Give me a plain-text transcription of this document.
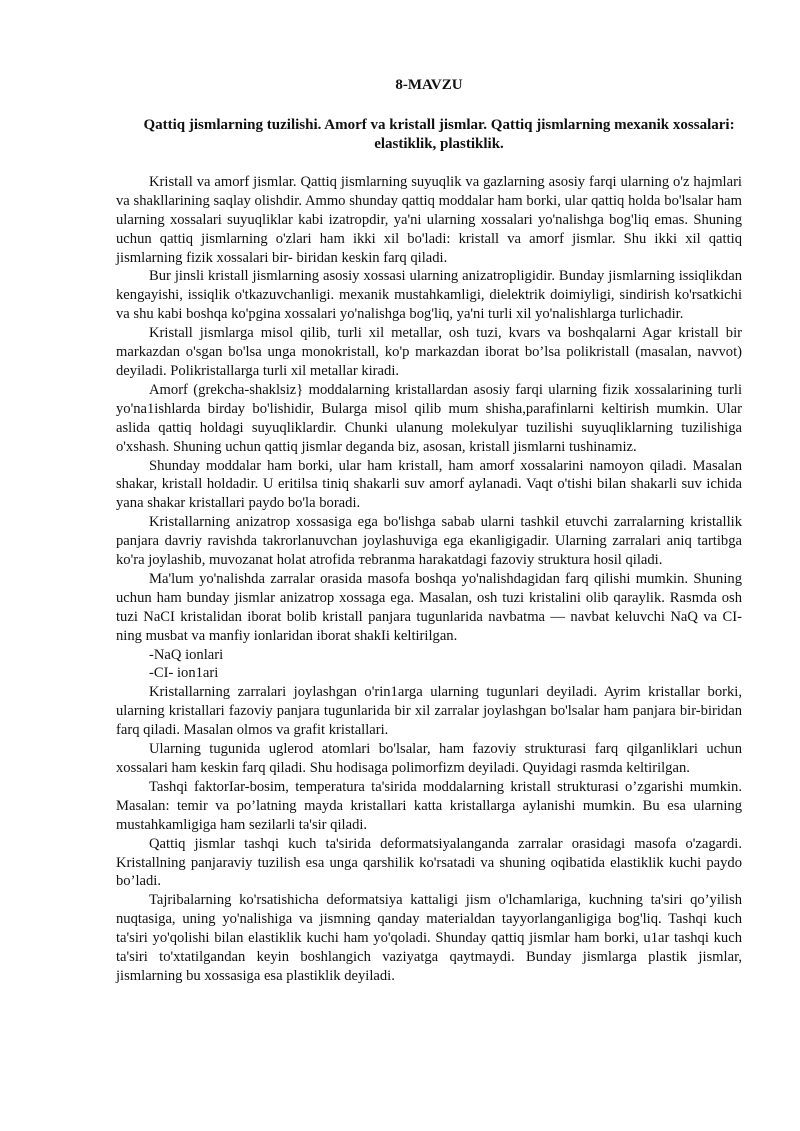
8-MAVZU

Qattiq jismlarning tuzilishi. Amorf va kristall jismlar. Qattiq jismlarning mexanik xossalari: elastiklik, plastiklik.

Kristall va amorf jismlar. Qattiq jismlarning suyuqlik va gazlarning asosiy farqi ularning o'z hajmlari va shakllarining saqlay olishdir. Ammo shunday qattiq moddalar ham borki, ular qattiq holda bo'lsalar ham ularning xossalari suyuqliklar kabi izatropdir, ya'ni ularning xossalari yo'nalishga bog'liq emas. Shuning uchun qattiq jismlarning o'zlari ham ikki xil bo'ladi: kristall va amorf jismlar. Shu ikki xil qattiq jismlarning fizik xossalari bir- biridan keskin farq qiladi.

Bur jinsli kristall jismlarning asosiy xossasi ularning anizatropligidir. Bunday jismlarning issiqlikdan kengayishi, issiqlik o'tkazuvchanligi. mexanik mustahkamligi, dielektrik doimiyligi, sindirish ko'rsatkichi va shu kabi boshqa ko'pgina xossalari yo'nalishga bog'liq, ya'ni turli xil yo'nalishlarga turlichadir.

Kristall jismlarga misol qilib, turli xil metallar, osh tuzi, kvars va boshqalarni Agar kristall bir markazdan o'sgan bo'lsa unga monokristall, ko'p markazdan iborat bo’lsa polikristall (masalan, navvot) deyiladi. Polikristallarga turli xil metallar kiradi.

Amorf (grekcha-shaklsiz} moddalarning kristallardan asosiy farqi ularning fizik xossalarining turli yo'na1ishlarda birday bo'lishidir, Bularga misol qilib mum shisha,parafinlarni keltirish mumkin. Ular aslida qattiq holdagi suyuqliklardir. Chunki ulanung molekulyar tuzilishi suyuqliklarning tuzilishiga o'xshash. Shuning uchun qattiq jismlar deganda biz, asosan, kristall jismlarni tushinamiz.

Shunday moddalar ham borki, ular ham kristall, ham amorf xossalarini namoyon qiladi. Masalan shakar, kristall holdadir. U eritilsa tiniq shakarli suv amorf aylanadi. Vaqt o'tishi bilan shakarli suv ichida yana shakar kristallari paydo bo'la boradi.

Kristallarning anizatrop xossasiga ega bo'lishga sabab ularni tashkil etuvchi zarralarning kristallik panjara davriy ravishda takrorlanuvchan joylashuviga ega ekanligigadir. Ularning zarralari aniq tartibga ko'ra joylashib, muvozanat holat atrofida тebranma harakatdagi fazoviy struktura hosil qiladi.

Ma'lum yo'nalishda zarralar orasida masofa boshqa yo'nalishdagidan farq qilishi mumkin. Shuning uchun ham bunday jismlar anizatrop xossaga ega. Masalan, osh tuzi kristalini olib qaraylik. Rasmda osh tuzi NaCI kristalidan iborat bolib kristall panjara tugunlarida navbatma — navbat keluvchi NaQ va CI- ning musbat va manfiy ionlaridan iborat shakIi keltirilgan.

-NaQ ionlari

-CI- ion1ari

Kristallarning zarralari joylashgan o'rin1arga ularning tugunlari deyiladi. Ayrim kristallar borki, ularning kristallari fazoviy panjara tugunlarida bir xil zarralar joylashgan bo'lsalar ham panjara bir-biridan farq qiladi. Masalan olmos va grafit kristallari.

Ularning tugunida uglerod atomlari bo'lsalar, ham fazoviy strukturasi farq qilganliklari uchun xossalari ham keskin farq qiladi. Shu hodisaga polimorfizm deyiladi. Quyidagi rasmda keltirilgan.

Tashqi faktorIar-bosim, temperatura ta'sirida moddalarning kristall strukturasi o’zgarishi mumkin. Masalan: temir va po’latning mayda kristallari katta kristallarga aylanishi mumkin. Bu esa ularning mustahkamligiga ham sezilarli ta'sir qiladi.

Qattiq jismlar tashqi kuch ta'sirida deformatsiyalanganda zarralar orasidagi masofa o'zagardi. Kristallning panjaraviy tuzilish esa unga qarshilik ko'rsatadi va shuning oqibatida elastiklik kuchi paydo bo’ladi.

Tajribalarning ko'rsatishicha deformatsiya kattaligi jism o'lchamlariga, kuchning ta'siri qo’yilish nuqtasiga, uning yo'nalishiga va jismning qanday materialdan tayyorlanganligiga bog'liq. Tashqi kuch ta'siri yo'qolishi bilan elastiklik kuchi ham yo'qoladi. Shunday qattiq jismlar ham borki, u1ar tashqi kuch ta'siri to'xtatilgandan keyin boshlangich vaziyatga qaytmaydi. Bunday jismlarga plastik jismlar, jismlarning bu xossasiga esa plastiklik deyiladi.
